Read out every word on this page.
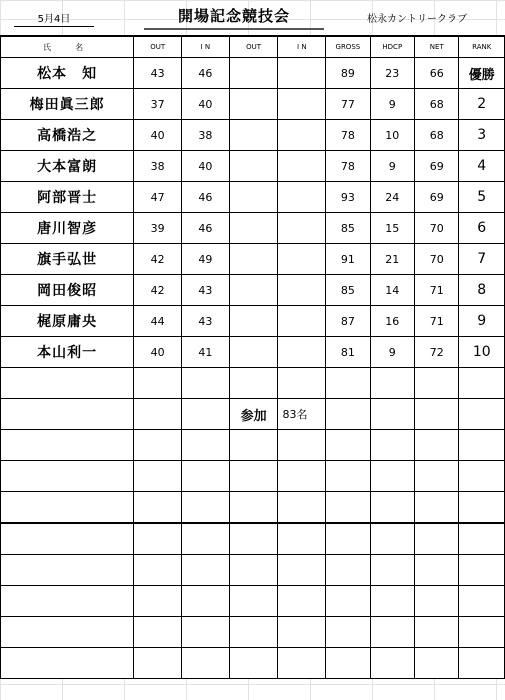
5月4日	開場記念競技会	松永カントリークラブ
氏　名	OUT	I N	OUT	I N	GROSS	HDCP	NET	RANK
松本　知	43	46			89	23	66	優勝
梅田眞三郎	37	40			77	9	68	2
高橋浩之	40	38			78	10	68	3
大本富朗	38	40			78	9	69	4
阿部晋士	47	46			93	24	69	5
唐川智彦	39	46			85	15	70	6
旗手弘世	42	49			91	21	70	7
岡田俊昭	42	43			85	14	71	8
梶原庸央	44	43			87	16	71	9
本山利一	40	41			81	9	72	10

			参加	83名				
